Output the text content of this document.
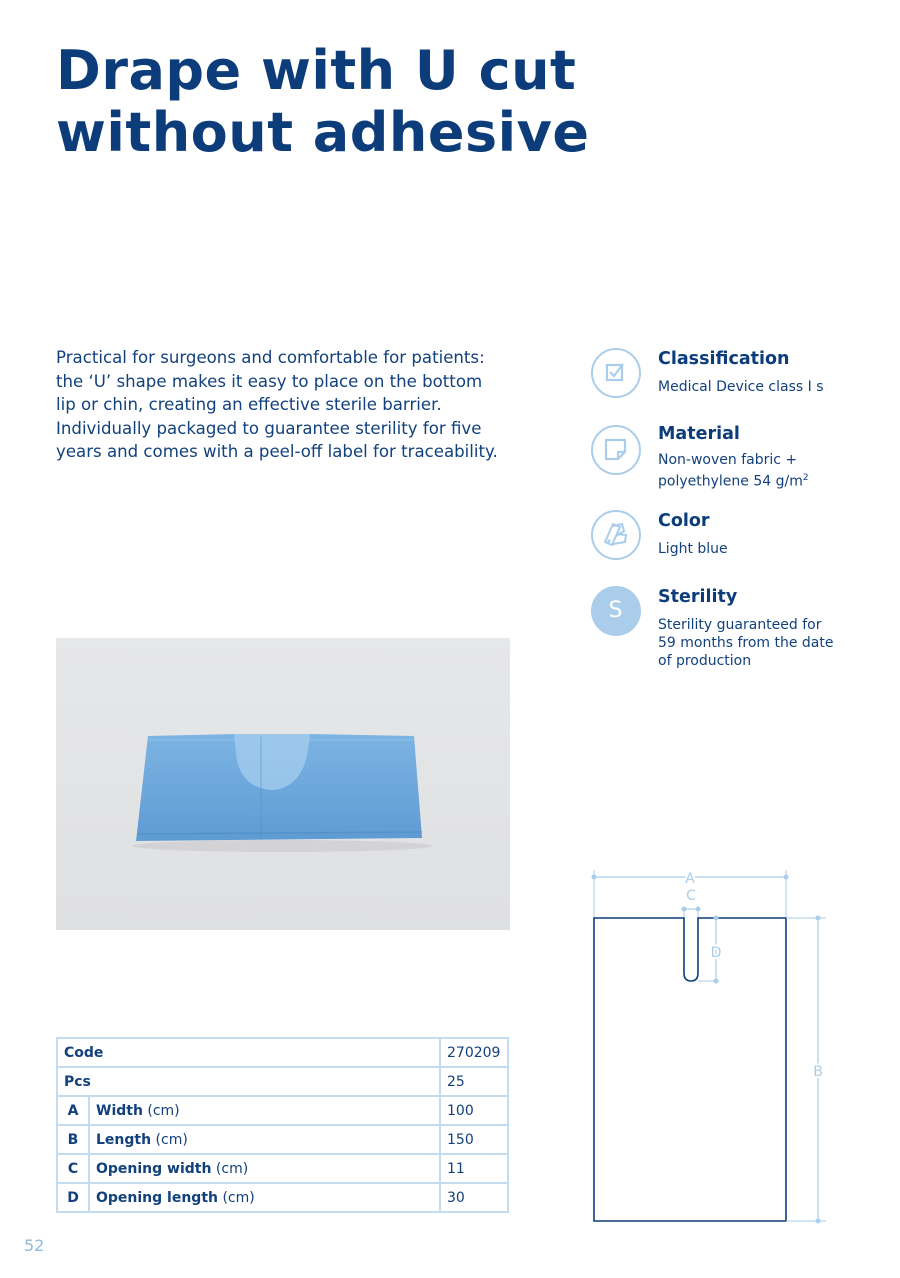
Drape with U cut
without adhesive

Practical for surgeons and comfortable for patients: the ‘U’ shape makes it easy to place on the bottom lip or chin, creating an effective sterile barrier. Individually packaged to guarantee sterility for five years and comes with a peel-off label for traceability.

Classification

Medical Device class I s

Material

Non-woven fabric +
polyethylene 54 $g/m^2$

Color

Light blue

S
Sterility

Sterility guaranteed for 59 months from the date of production

Code		270209
Pcs		25
A	Width (cm)	100
B	Length (cm)	150
C	Opening width (cm)	11
D	Opening length (cm)	30
A
C
D
B
52
